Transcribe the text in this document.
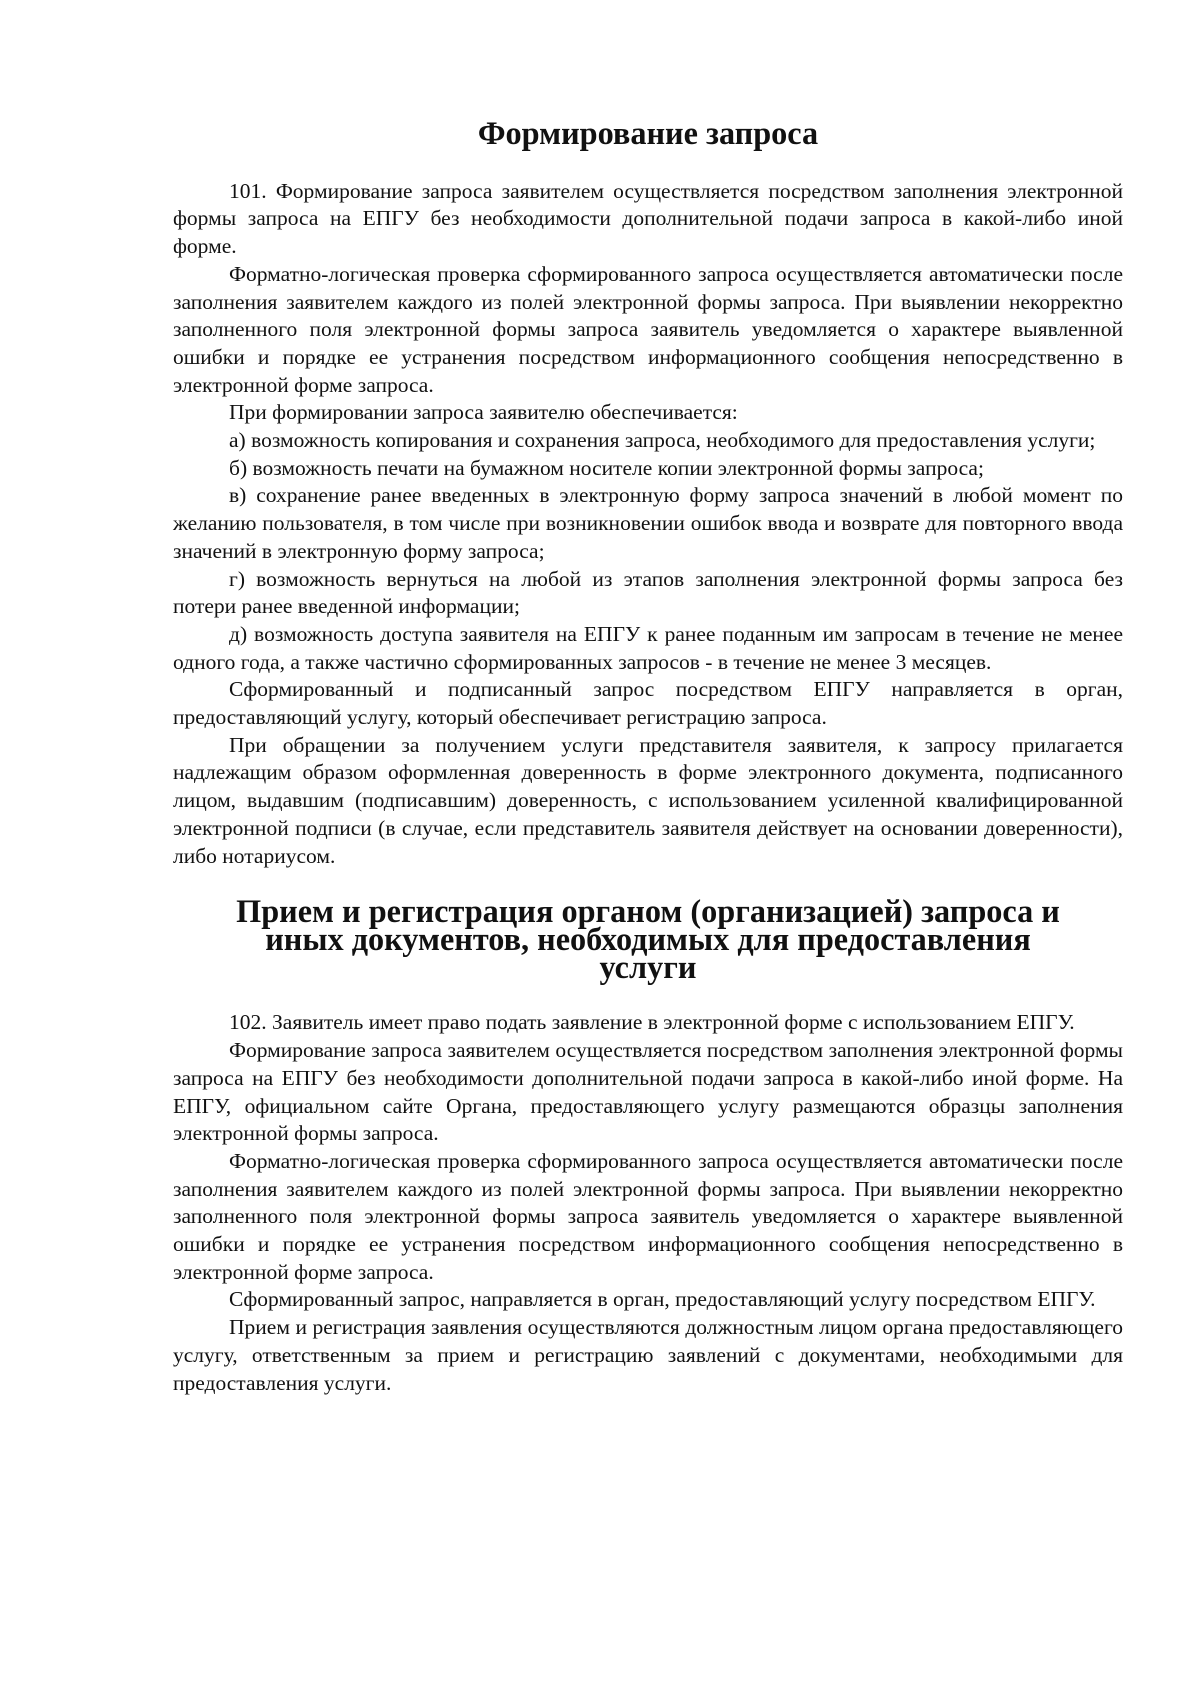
Формирование запроса

101. Формирование запроса заявителем осуществляется посредством заполнения электронной формы запроса на ЕПГУ без необходимости дополнительной подачи запроса в какой-либо иной форме.

Форматно-логическая проверка сформированного запроса осуществляется автоматически после заполнения заявителем каждого из полей электронной формы запроса. При выявлении некорректно заполненного поля электронной формы запроса заявитель уведомляется о характере выявленной ошибки и порядке ее устранения посредством информационного сообщения непосредственно в электронной форме запроса.

При формировании запроса заявителю обеспечивается:

а) возможность копирования и сохранения запроса, необходимого для предоставления услуги;

б) возможность печати на бумажном носителе копии электронной формы запроса;

в) сохранение ранее введенных в электронную форму запроса значений в любой момент по желанию пользователя, в том числе при возникновении ошибок ввода и возврате для повторного ввода значений в электронную форму запроса;

г) возможность вернуться на любой из этапов заполнения электронной формы запроса без потери ранее введенной информации;

д) возможность доступа заявителя на ЕПГУ к ранее поданным им запросам в течение не менее одного года, а также частично сформированных запросов - в течение не менее 3 месяцев.

Сформированный и подписанный запрос посредством ЕПГУ направляется в орган, предоставляющий услугу, который обеспечивает регистрацию запроса.

При обращении за получением услуги представителя заявителя, к запросу прилагается надлежащим образом оформленная доверенность в форме электронного документа, подписанного лицом, выдавшим (подписавшим) доверенность, с использованием усиленной квалифицированной электронной подписи (в случае, если представитель заявителя действует на основании доверенности), либо нотариусом.

Прием и регистрация органом (организацией) запроса и иных документов, необходимых для предоставления услуги

102. Заявитель имеет право подать заявление в электронной форме с использованием ЕПГУ.

Формирование запроса заявителем осуществляется посредством заполнения электронной формы запроса на ЕПГУ без необходимости дополнительной подачи запроса в какой-либо иной форме. На ЕПГУ, официальном сайте Органа, предоставляющего услугу размещаются образцы заполнения электронной формы запроса.

Форматно-логическая проверка сформированного запроса осуществляется автоматически после заполнения заявителем каждого из полей электронной формы запроса. При выявлении некорректно заполненного поля электронной формы запроса заявитель уведомляется о характере выявленной ошибки и порядке ее устранения посредством информационного сообщения непосредственно в электронной форме запроса.

Сформированный запрос, направляется в орган, предоставляющий услугу посредством ЕПГУ.

Прием и регистрация заявления осуществляются должностным лицом органа предоставляющего услугу, ответственным за прием и регистрацию заявлений с документами, необходимыми для предоставления услуги.
